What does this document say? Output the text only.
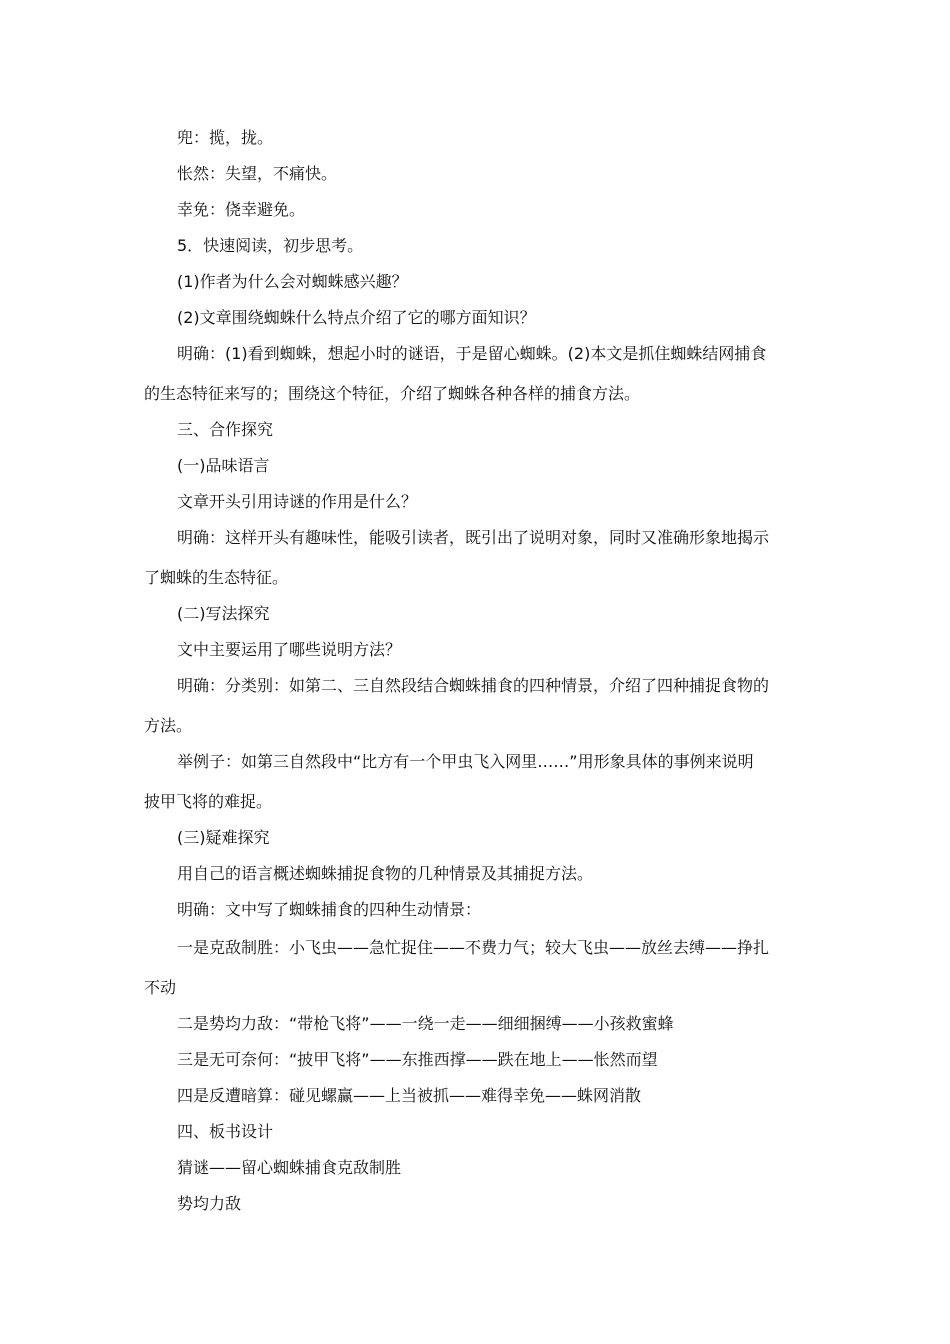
兜：揽，拢。
怅然：失望，不痛快。
幸免：侥幸避免。
5．快速阅读，初步思考。
(1)作者为什么会对蜘蛛感兴趣？
(2)文章围绕蜘蛛什么特点介绍了它的哪方面知识？
明确：(1)看到蜘蛛，想起小时的谜语，于是留心蜘蛛。(2)本文是抓住蜘蛛结网捕食
的生态特征来写的；围绕这个特征，介绍了蜘蛛各种各样的捕食方法。
三、合作探究
(一)品味语言
文章开头引用诗谜的作用是什么？
明确：这样开头有趣味性，能吸引读者，既引出了说明对象，同时又准确形象地揭示
了蜘蛛的生态特征。
(二)写法探究
文中主要运用了哪些说明方法？
明确：分类别：如第二、三自然段结合蜘蛛捕食的四种情景，介绍了四种捕捉食物的
方法。
举例子：如第三自然段中“比方有一个甲虫飞入网里……”用形象具体的事例来说明
披甲飞将的难捉。
(三)疑难探究
用自己的语言概述蜘蛛捕捉食物的几种情景及其捕捉方法。
明确：文中写了蜘蛛捕食的四种生动情景：
一是克敌制胜：小飞虫——急忙捉住——不费力气；较大飞虫——放丝去缚——挣扎
不动
二是势均力敌：“带枪飞将”——一绕一走——细细捆缚——小孩救蜜蜂
三是无可奈何：“披甲飞将”——东推西撑——跌在地上——怅然而望
四是反遭暗算：碰见螺赢——上当被抓——难得幸免——蛛网消散
四、板书设计
猜谜——留心蜘蛛捕食克敌制胜
势均力敌
